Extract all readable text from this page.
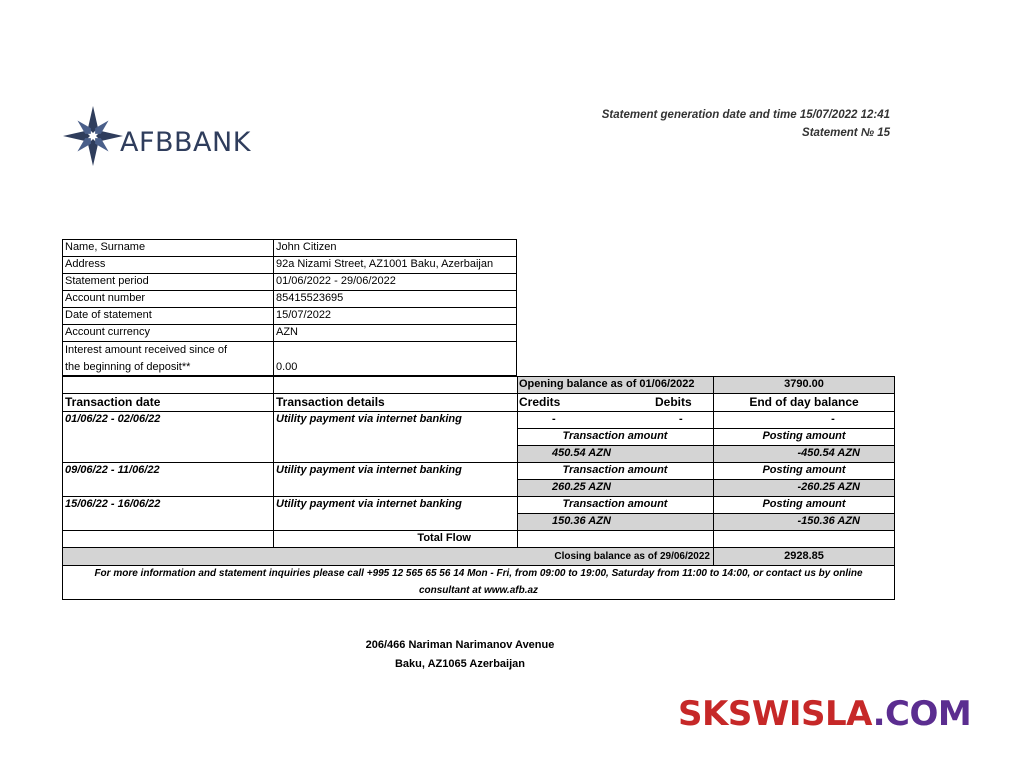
AFBBANK
Statement generation date and time 15/07/2022 12:41
Statement № 15
Name, Surname	John Citizen
Address	92a Nizami Street, AZ1001 Baku, Azerbaijan
Statement period	01/06/2022 - 29/06/2022
Account number	85415523695
Date of statement	15/07/2022
Account currency	AZN
Interest amount received since of
the beginning of deposit**	0.00
Opening balance as of 01/06/2022	3790.00
Transaction date	Transaction details	Credits	Debits	End of day balance
01/06/22 - 02/06/22	Utility payment via internet banking	-	-	-
Transaction amount	Posting amount
450.54 AZN	-450.54 AZN
09/06/22 - 11/06/22	Utility payment via internet banking	Transaction amount	Posting amount
260.25 AZN	-260.25 AZN
15/06/22 - 16/06/22	Utility payment via internet banking	Transaction amount	Posting amount
150.36 AZN	-150.36 AZN
Total Flow
Closing balance as of 29/06/2022	2928.85
For more information and statement inquiries please call +995 12 565 65 56 14 Mon - Fri, from 09:00 to 19:00, Saturday from 11:00 to 14:00, or contact us by online
consultant at www.afb.az
206/466 Nariman Narimanov Avenue
Baku, AZ1065 Azerbaijan
SKSWISLA.COM
